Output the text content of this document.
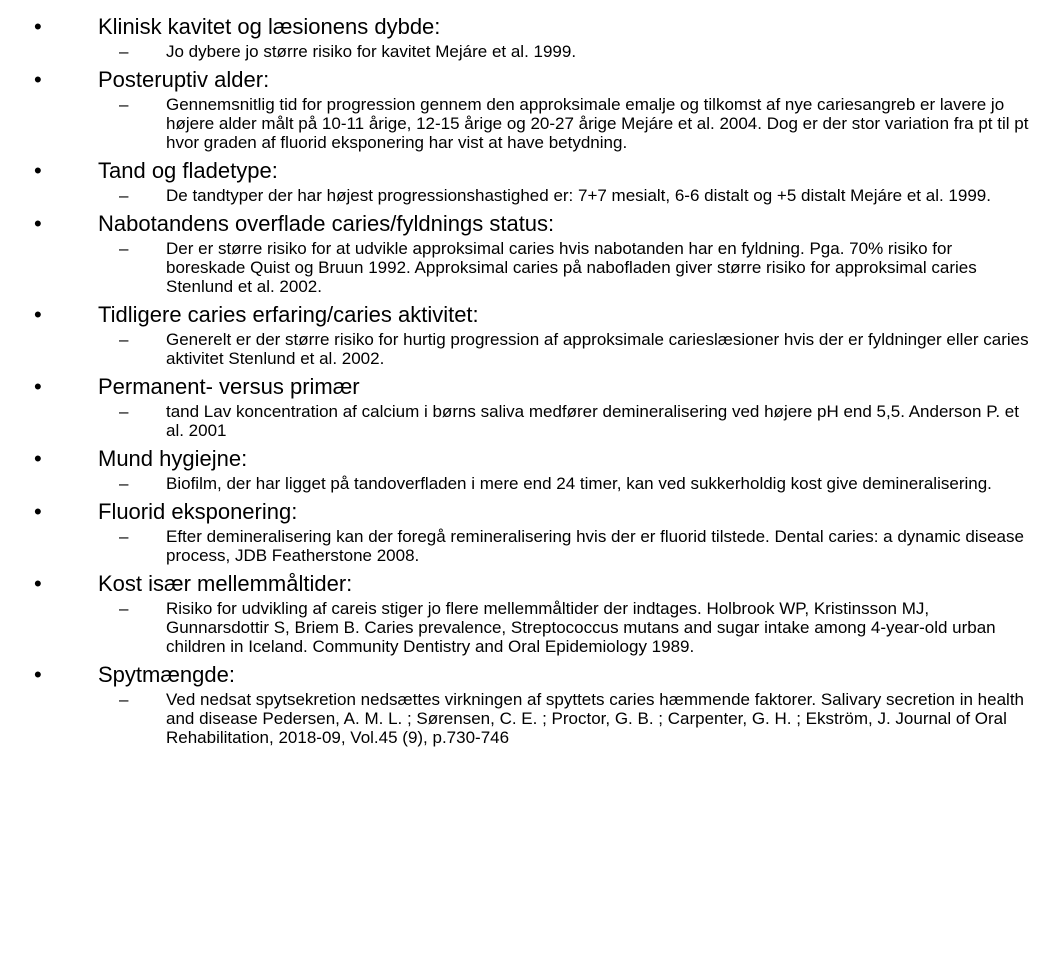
•	Klinisk kavitet og læsionens dybde:
– Jo dybere jo større risiko for kavitet Mejáre et al. 1999.
•	Posteruptiv alder:
– Gennemsnitlig tid for progression gennem den approksimale emalje og tilkomst af nye cariesangreb er lavere jo højere alder målt på 10-11 årige, 12-15 årige og 20-27 årige Mejáre et al. 2004. Dog er der stor variation fra pt til pt hvor graden af fluorid eksponering har vist at have betydning.
•	Tand og fladetype:
– De tandtyper der har højest progressionshastighed er: 7+7 mesialt, 6-6 distalt og +5 distalt Mejáre et al. 1999.
•	Nabotandens overflade caries/fyldnings status:
– Der er større risiko for at udvikle approksimal caries hvis nabotanden har en fyldning. Pga. 70% risiko for boreskade Quist og Bruun 1992. Approksimal caries på nabofladen giver større risiko for approksimal caries Stenlund et al. 2002.
•	Tidligere caries erfaring/caries aktivitet:
– Generelt er der større risiko for hurtig progression af approksimale carieslæsioner hvis der er fyldninger eller caries aktivitet Stenlund et al. 2002.
•	Permanent- versus primær
– tand Lav koncentration af calcium i børns saliva medfører demineralisering ved højere pH end 5,5. Anderson P. et al. 2001
•	Mund hygiejne:
– Biofilm, der har ligget på tandoverfladen i mere end 24 timer, kan ved sukkerholdig kost give demineralisering.
•	Fluorid eksponering:
– Efter demineralisering kan der foregå remineralisering hvis der er fluorid tilstede. Dental caries: a dynamic disease process, JDB Featherstone 2008.
•	Kost især mellemmåltider:
– Risiko for udvikling af careis stiger jo flere mellemmåltider der indtages. Holbrook WP, Kristinsson MJ, Gunnarsdottir S, Briem B. Caries prevalence, Streptococcus mutans and sugar intake among 4-year-old urban children in Iceland. Community Dentistry and Oral Epidemiology 1989.
•	Spytmængde:
– Ved nedsat spytsekretion nedsættes virkningen af spyttets caries hæmmende faktorer. Salivary secretion in health and disease Pedersen, A. M. L. ; Sørensen, C. E. ; Proctor, G. B. ; Carpenter, G. H. ; Ekström, J. Journal of Oral Rehabilitation, 2018-09, Vol.45 (9), p.730-746
